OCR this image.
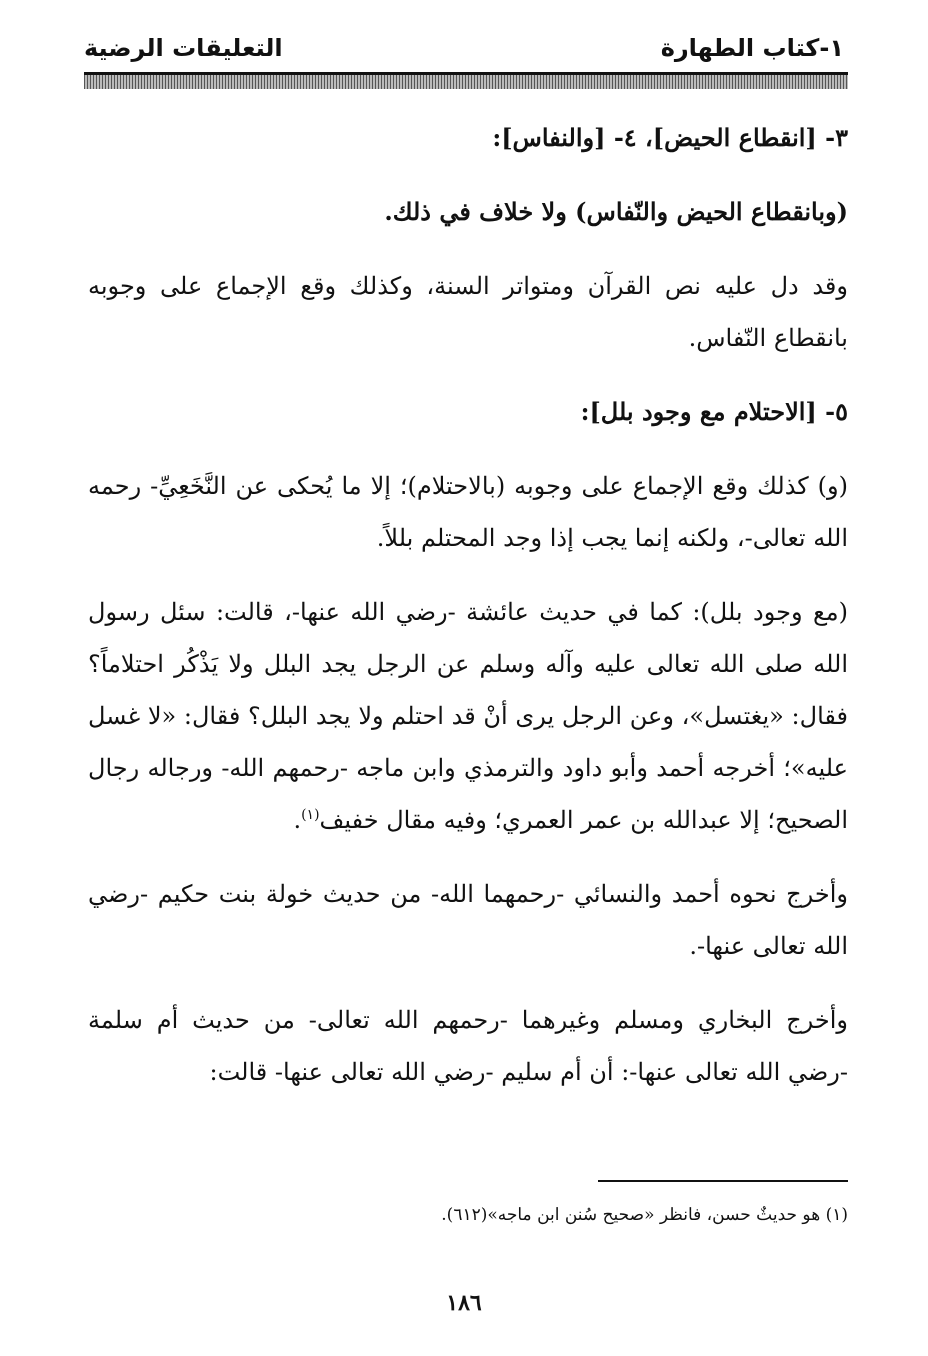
التعليقات الرضية	١-كتاب الطهارة

٣- [انقطاع الحيض]، ٤- [والنفاس]:

(وبانقطاع الحيض والنّفاس) ولا خلاف في ذلك.

وقد دل عليه نص القرآن ومتواتر السنة، وكذلك وقع الإجماع على وجوبه بانقطاع النّفاس.

٥- [الاحتلام مع وجود بلل]:

(و) كذلك وقع الإجماع على وجوبه (بالاحتلام)؛ إلا ما يُحكى عن النَّخَعِيِّ- رحمه الله تعالى-، ولكنه إنما يجب إذا وجد المحتلم بللاً.

(مع وجود بلل): كما في حديث عائشة -رضي الله عنها-، قالت: سئل رسول الله صلى الله تعالى عليه وآله وسلم عن الرجل يجد البلل ولا يَذْكُر احتلاماً؟ فقال: «يغتسل»، وعن الرجل يرى أنْ قد احتلم ولا يجد البلل؟ فقال: «لا غسل عليه»؛ أخرجه أحمد وأبو داود والترمذي وابن ماجه -رحمهم الله- ورجاله رجال الصحيح؛ إلا عبدالله بن عمر العمري؛ وفيه مقال خفيف$^{(١)}$.

وأخرج نحوه أحمد والنسائي -رحمهما الله- من حديث خولة بنت حكيم -رضي الله تعالى عنها-.

وأخرج البخاري ومسلم وغيرهما -رحمهم الله تعالى- من حديث أم سلمة -رضي الله تعالى عنها-: أن أم سليم -رضي الله تعالى عنها- قالت:

(١) هو حديثٌ حسن، فانظر «صحيح سُنن ابن ماجه»(٦١٢).
١٨٦
